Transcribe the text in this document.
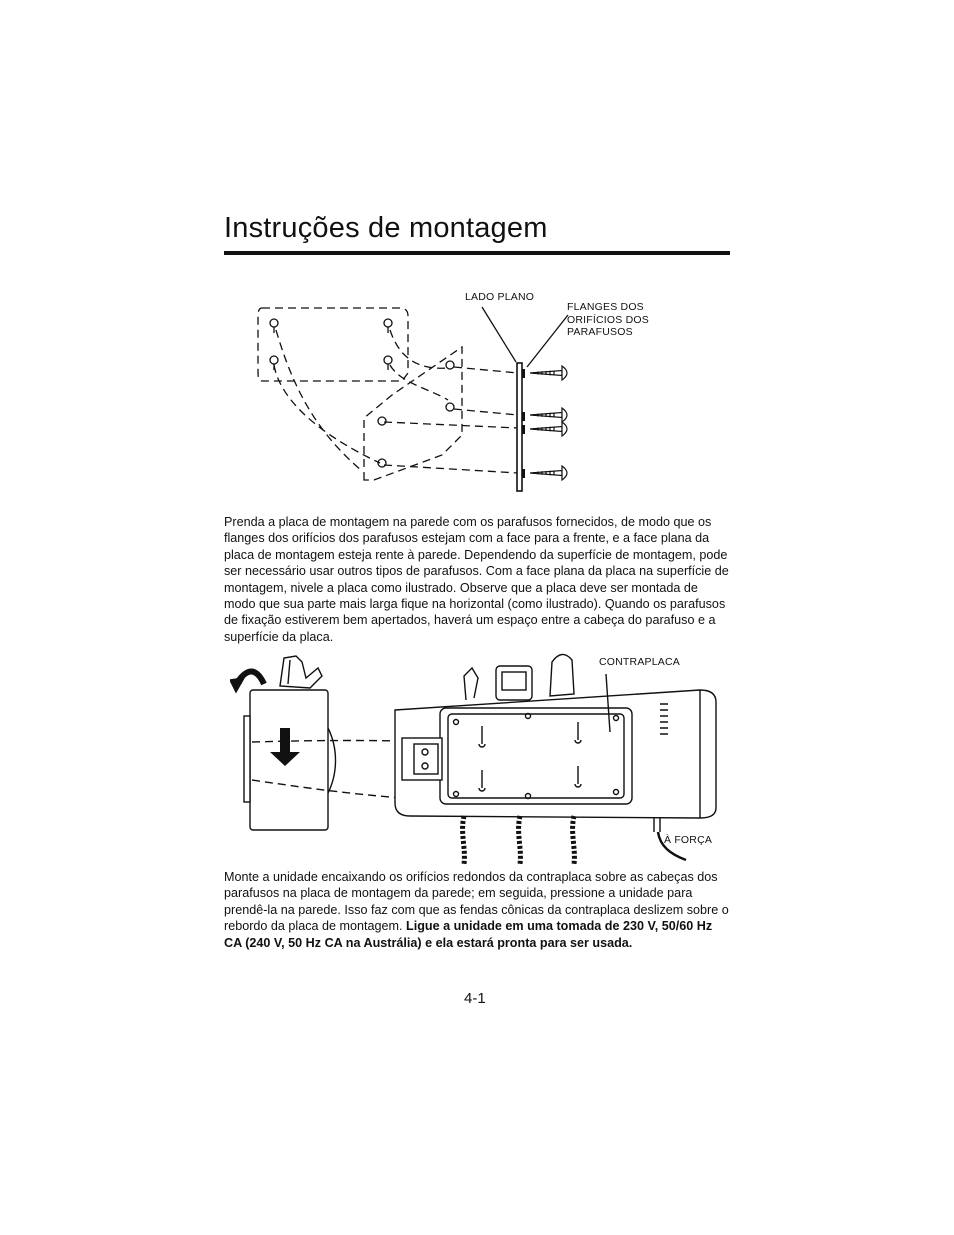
Instruções de montagem
LADO PLANO
FLANGES DOS
ORIFÍCIOS DOS
PARAFUSOS

Prenda a placa de montagem na parede com os parafusos fornecidos, de modo que os flanges dos orifícios dos parafusos estejam com a face para a frente, e a face plana da placa de montagem esteja rente à parede. Dependendo da superfície de montagem, pode ser necessário usar outros tipos de parafusos. Com a face plana da placa na superfície de montagem, nivele a placa como ilustrado. Observe que a placa deve ser montada de modo que sua parte mais larga fique na horizontal (como ilustrado). Quando os parafusos de fixação estiverem bem apertados, haverá um espaço entre a cabeça do parafuso e a superfície da placa.

CONTRAPLACA
À FORÇA

Monte a unidade encaixando os orifícios redondos da contraplaca sobre as cabeças dos parafusos na placa de montagem da parede; em seguida, pressione a unidade para prendê-la na parede. Isso faz com que as fendas cônicas da contraplaca deslizem sobre o rebordo da placa de montagem. Ligue a unidade em uma tomada de 230 V, 50/60 Hz CA (240 V, 50 Hz CA na Austrália) e ela estará pronta para ser usada.

4-1
